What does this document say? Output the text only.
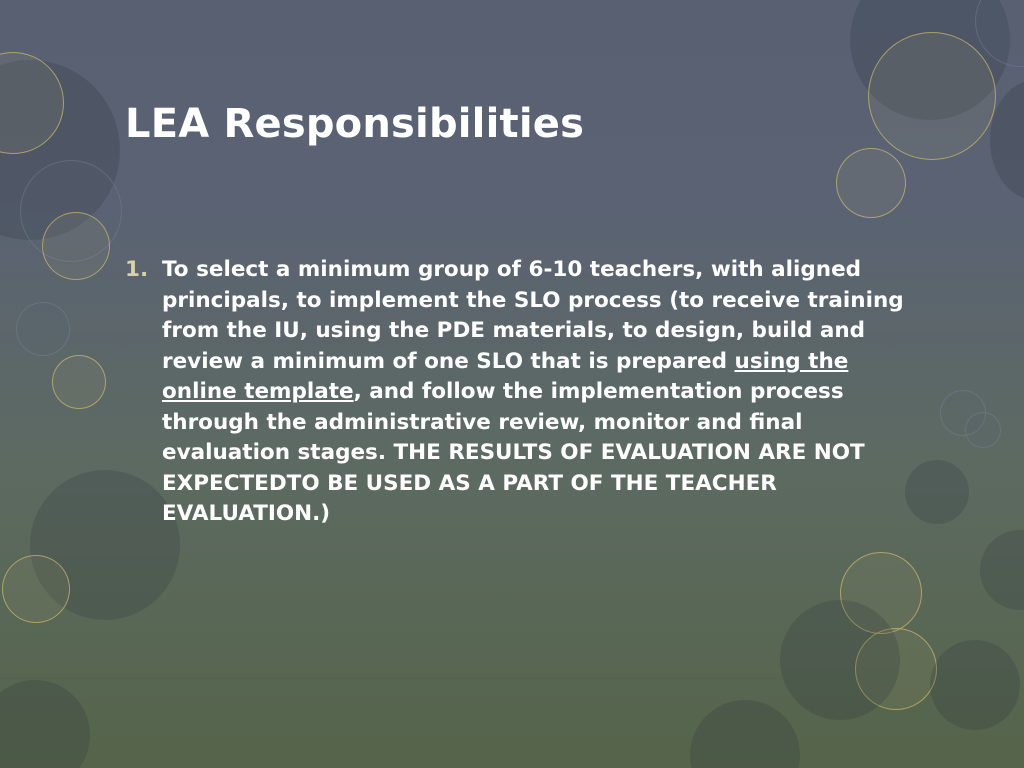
LEA Responsibilities
1. To select a minimum group of 6-10 teachers, with aligned principals, to implement the SLO process (to receive training from the IU, using the PDE materials, to design, build and review a minimum of one SLO that is prepared using the online template, and follow the implementation process through the administrative review, monitor and final evaluation stages. THE RESULTS OF EVALUATION ARE NOT EXPECTEDTO BE USED AS A PART OF THE TEACHER EVALUATION.)
